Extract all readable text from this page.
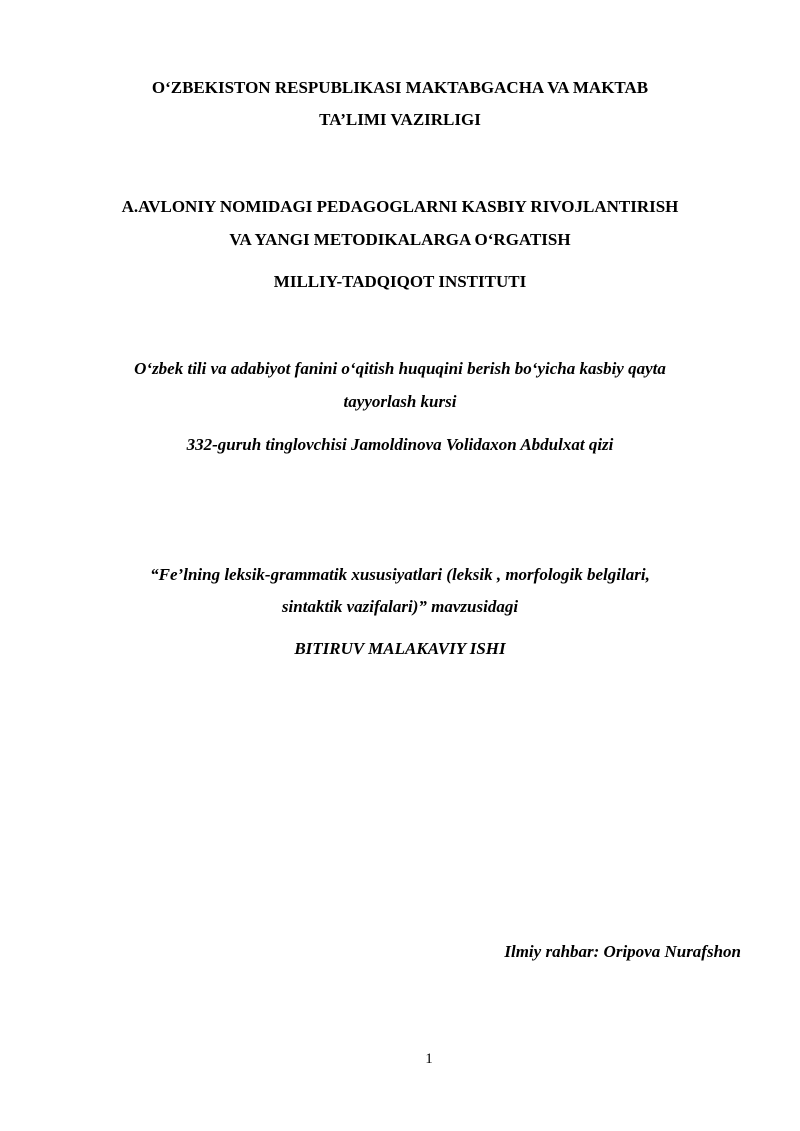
O‘ZBEKISTON RESPUBLIKASI MAKTABGACHA VA MAKTAB
TA’LIMI VAZIRLIGI
A.AVLONIY NOMIDAGI PEDAGOGLARNI KASBIY RIVOJLANTIRISH
VA YANGI METODIKALARGA O‘RGATISH
MILLIY-TADQIQOT INSTITUTI
O‘zbek tili va adabiyot fanini o‘qitish huquqini berish bo‘yicha kasbiy qayta
tayyorlash kursi
332-guruh tinglovchisi Jamoldinova Volidaxon Abdulxat qizi
“Fe’lning leksik-grammatik xususiyatlari (leksik , morfologik belgilari,
sintaktik vazifalari)” mavzusidagi
BITIRUV MALAKAVIY ISHI
Ilmiy rahbar: Oripova Nurafshon
1
